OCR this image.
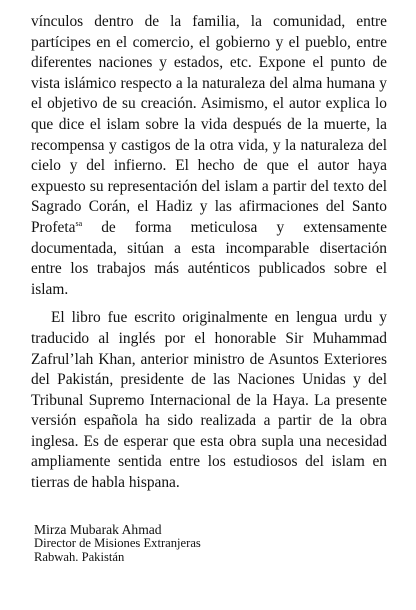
vínculos dentro de la familia, la comunidad, entre partícipes en el comercio, el gobierno y el pueblo, entre diferentes naciones y estados, etc. Expone el punto de vista islámico respecto a la naturaleza del alma humana y el objetivo de su creación. Asimismo, el autor explica lo que dice el islam sobre la vida después de la muerte, la recompensa y castigos de la otra vida, y la naturaleza del cielo y del infierno. El hecho de que el autor haya expuesto su representación del islam a partir del texto del Sagrado Corán, el Hadiz y las afirmaciones del Santo Profeta$^{sa}$ de forma meticulosa y extensamente documentada, sitúan a esta incomparable disertación entre los trabajos más auténticos publicados sobre el islam.

El libro fue escrito originalmente en lengua urdu y traducido al inglés por el honorable Sir Muhammad Zafrul’lah Khan, anterior ministro de Asuntos Exteriores del Pakistán, presidente de las Naciones Unidas y del Tribunal Supremo Internacional de la Haya. La presente versión española ha sido realizada a partir de la obra inglesa. Es de esperar que esta obra supla una necesidad ampliamente sentida entre los estudiosos del islam en tierras de habla hispana.

Mirza Mubarak Ahmad
Director de Misiones Extranjeras
Rabwah. Pakistán
